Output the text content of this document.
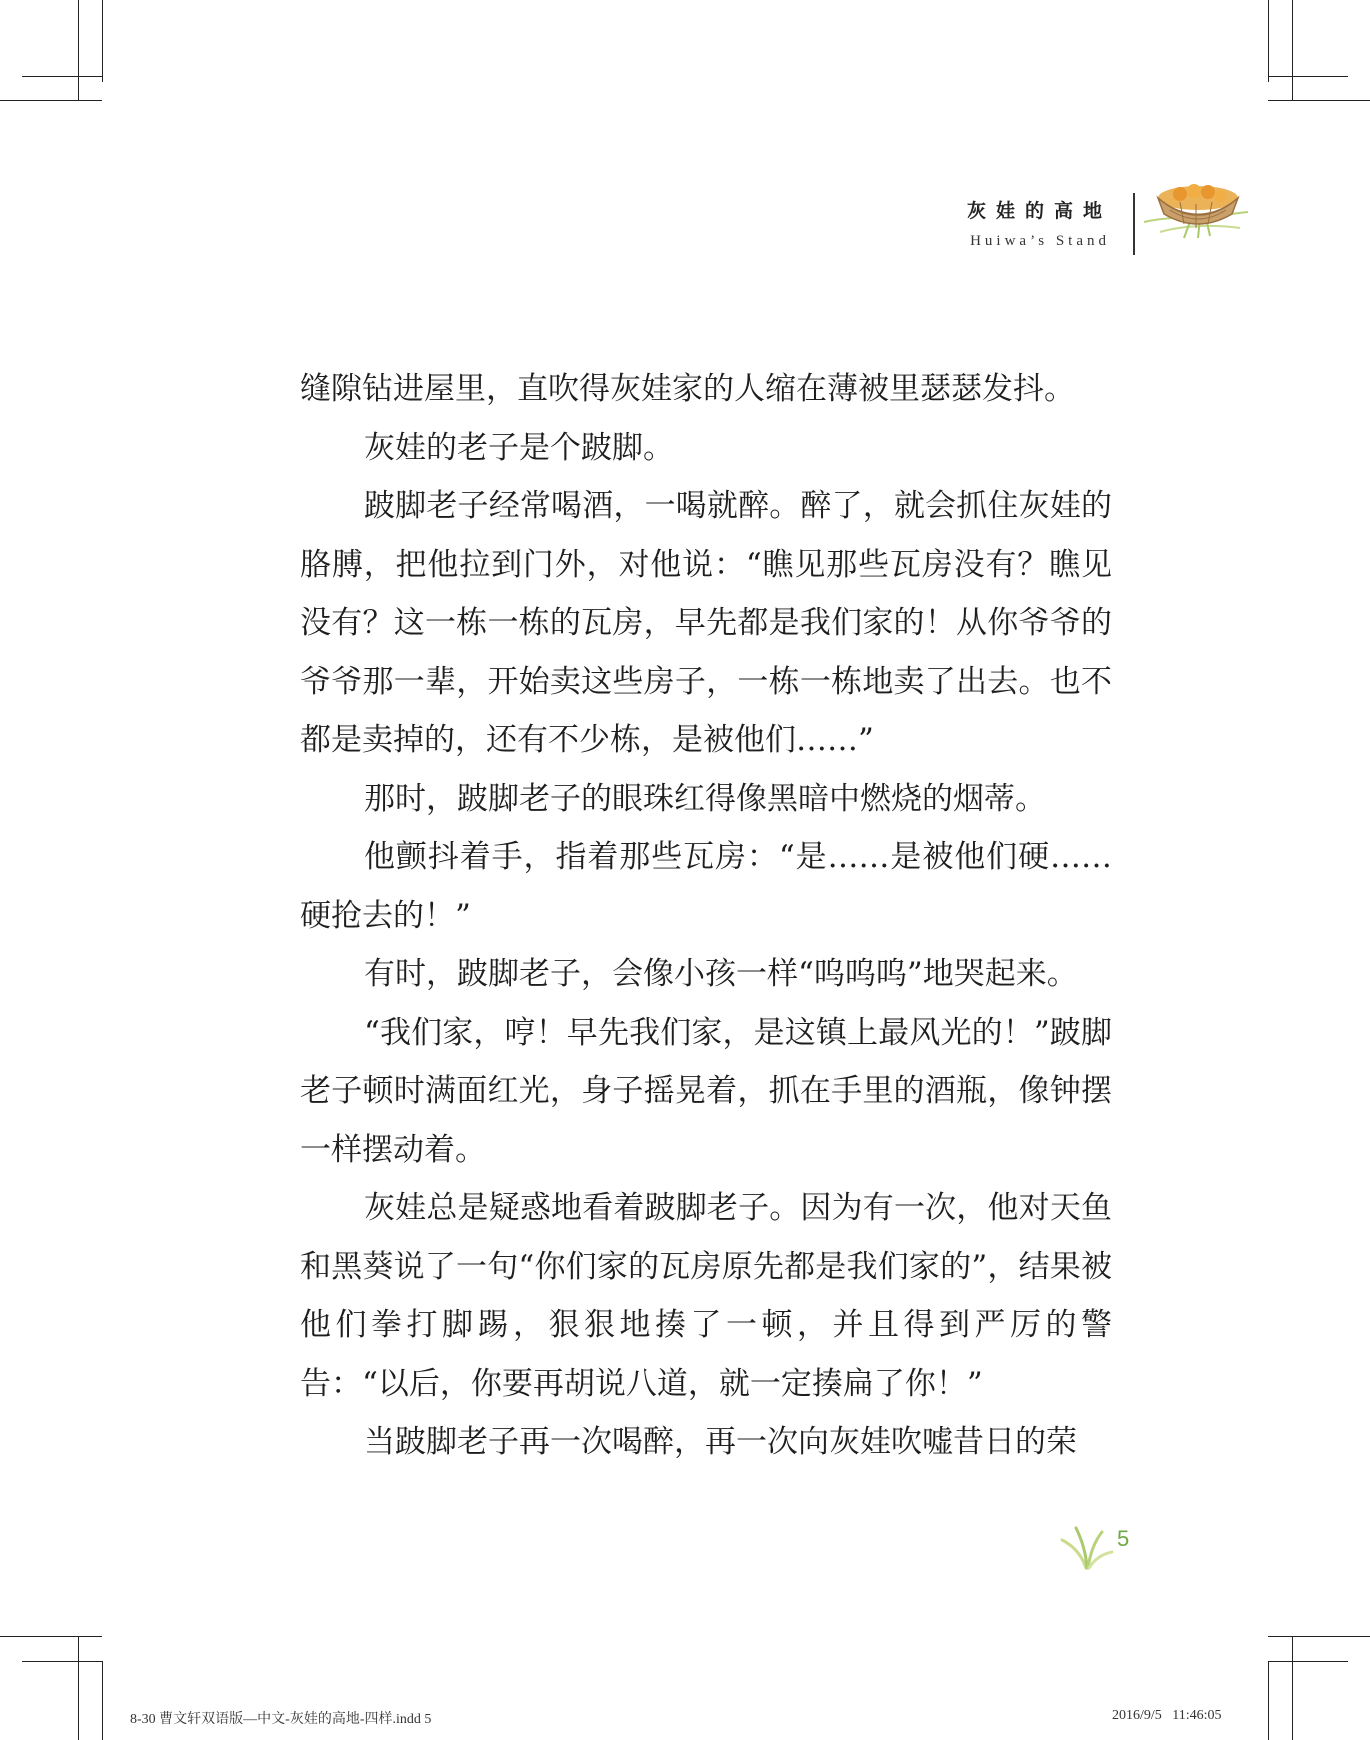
灰娃的高地
Huiwa’s Stand

缝隙钻进屋里，直吹得灰娃家的人缩在薄被里瑟瑟发抖。

灰娃的老子是个跛脚。

跛脚老子经常喝酒，一喝就醉。醉了，就会抓住灰娃的胳膊，把他拉到门外，对他说：“瞧见那些瓦房没有？瞧见没有？这一栋一栋的瓦房，早先都是我们家的！从你爷爷的爷爷那一辈，开始卖这些房子，一栋一栋地卖了出去。也不都是卖掉的，还有不少栋，是被他们……”

那时，跛脚老子的眼珠红得像黑暗中燃烧的烟蒂。

他颤抖着手，指着那些瓦房：“是……是被他们硬……硬抢去的！”

有时，跛脚老子，会像小孩一样“呜呜呜”地哭起来。

“我们家，哼！早先我们家，是这镇上最风光的！”跛脚老子顿时满面红光，身子摇晃着，抓在手里的酒瓶，像钟摆一样摆动着。

灰娃总是疑惑地看着跛脚老子。因为有一次，他对天鱼和黑葵说了一句“你们家的瓦房原先都是我们家的”，结果被他们拳打脚踢，狠狠地揍了一顿，并且得到严厉的警告：“以后，你要再胡说八道，就一定揍扁了你！”

当跛脚老子再一次喝醉，再一次向灰娃吹嘘昔日的荣

5
8-30 曹文轩双语版—中文-灰娃的高地-四样.indd 5	2016/9/5   11:46:05
